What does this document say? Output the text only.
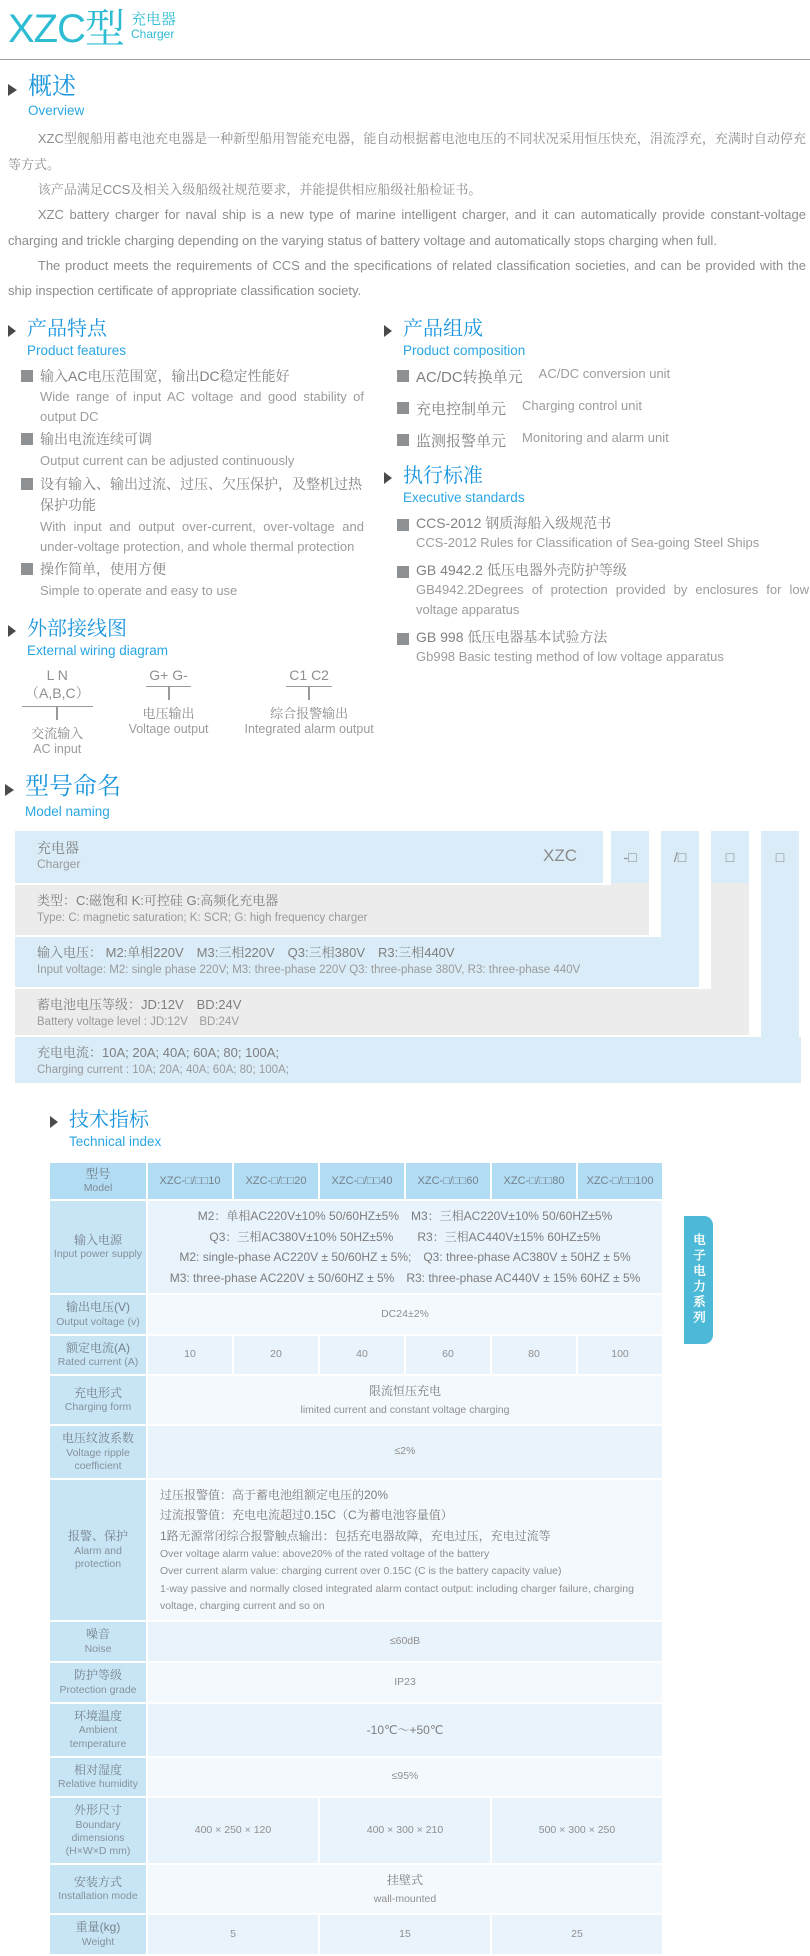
XZC型 充电器
Charger
概述
Overview

XZC型舰船用蓄电池充电器是一种新型船用智能充电器，能自动根据蓄电池电压的不同状况采用恒压快充，涓流浮充，充满时自动停充等方式。

该产品满足CCS及相关入级船级社规范要求，并能提供相应船级社船检证书。

XZC battery charger for naval ship is a new type of marine intelligent charger, and it can automatically provide constant-voltage charging and trickle charging depending on the varying status of battery voltage and automatically stops charging when full.

The product meets the requirements of CCS and the specifications of related classification societies, and can be provided with the ship inspection certificate of appropriate classification society.

产品特点
Product features
输入AC电压范围宽，输出DC稳定性能好
Wide range of input AC voltage and good stability of output DC
输出电流连续可调
Output current can be adjusted continuously
设有输入、输出过流、过压、欠压保护，及整机过热保护功能
With input and output over-current, over-voltage and under-voltage protection, and whole thermal protection
操作简单，使用方便
Simple to operate and easy to use
外部接线图
External wiring diagram
L N（A,B,C）
交流输入
AC input
G+ G-
电压输出
Voltage output
C1 C2
综合报警输出
Integrated alarm output
产品组成
Product composition
AC/DC转换单元 AC/DC conversion unit
充电控制单元 Charging control unit
监测报警单元 Monitoring and alarm unit
执行标准
Executive standards
CCS-2012 钢质海船入级规范书
CCS-2012 Rules for Classification of Sea-going Steel Ships
GB 4942.2 低压电器外壳防护等级
GB4942.2Degrees of protection provided by enclosures for low voltage apparatus
GB 998 低压电器基本试验方法
Gb998 Basic testing method of low voltage apparatus
型号命名
Model naming
充电器
Charger	XZC	-□	/□	□	□
类型：C:磁饱和 K:可控硅 G:高频化充电器
Type: C: magnetic saturation; K: SCR; G: high frequency charger
输入电压： M2:单相220V　M3:三相220V　Q3:三相380V　R3:三相440V
Input voltage: M2: single phase 220V; M3: three-phase 220V Q3: three-phase 380V, R3: three-phase 440V
蓄电池电压等级：JD:12V　BD:24V
Battery voltage level : JD:12V　BD:24V
充电电流：10A; 20A; 40A; 60A; 80; 100A;
Charging current : 10A; 20A; 40A; 60A; 80; 100A;
技术指标
Technical index
型号
Model	XZC-□/□□10	XZC-□/□□20	XZC-□/□□40	XZC-□/□□60	XZC-□/□□80	XZC-□/□□100

输入电源
Input power supply

M2：单相AC220V±10% 50/60HZ±5%　M3：三相AC220V±10% 50/60HZ±5%
Q3：三相AC380V±10% 50HZ±5%　　R3：三相AC440V±15% 60HZ±5%
M2: single-phase AC220V ± 50/60HZ ± 5%;　Q3: three-phase AC380V ± 50HZ ± 5%
M3: three-phase AC220V ± 50/60HZ ± 5%　R3: three-phase AC440V ± 15% 60HZ ± 5%

输出电压(V)
Output voltage (v)	DC24±2%					

额定电流(A)
Rated current (A)	10	20	40	60	80	100

充电形式
Charging form

限流恒压充电
limited current and constant voltage charging

电压纹波系数
Voltage ripple coefficient	≤2%					

报警、保护
Alarm and protection

过压报警值：高于蓄电池组额定电压的20%
过流报警值：充电电流超过0.15C（C为蓄电池容量值）
1路无源常闭综合报警触点输出：包括充电器故障，充电过压，充电过流等
Over voltage alarm value: above20% of the rated voltage of the battery
Over current alarm value: charging current over 0.15C (C is the battery capacity value)
1-way passive and normally closed integrated alarm contact output: including charger failure, charging voltage, charging current and so on

噪音
Noise	≤60dB					

防护等级
Protection grade	IP23					

环境温度
Ambient temperature	-10℃～+50℃					

相对湿度
Relative humidity	≤95%					

外形尺寸
Boundary dimensions (H×W×D mm)	400 × 250 × 120		400 × 300 × 210		500 × 300 × 250	

安装方式
Installation mode

挂壁式
wall-mounted

重量(kg)
Weight	5		15		25	
电子电力系列
